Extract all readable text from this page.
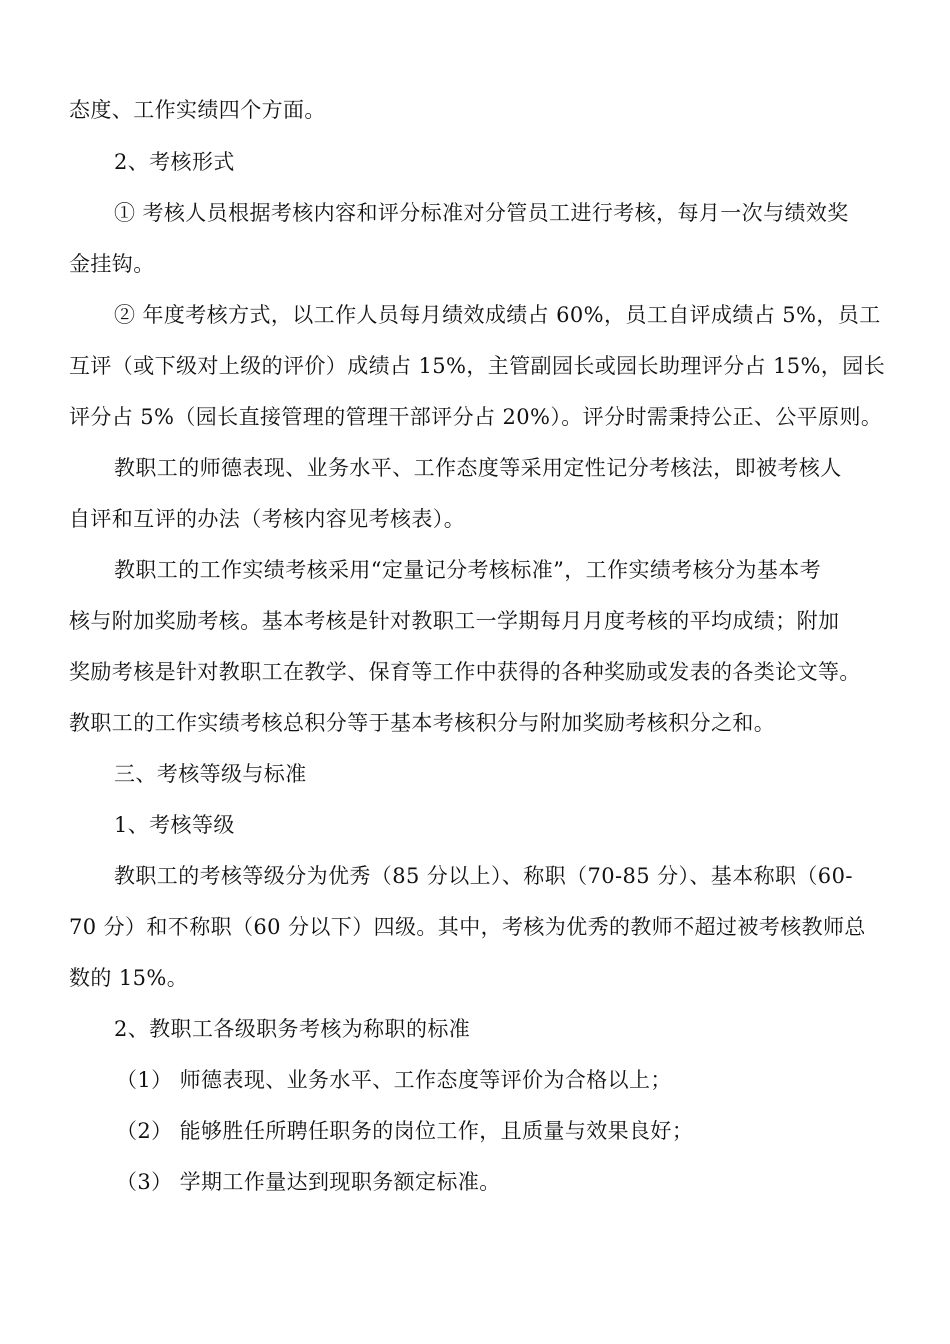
态度、工作实绩四个方面。
2、考核形式
① 考核人员根据考核内容和评分标准对分管员工进行考核，每月一次与绩效奖
金挂钩。
② 年度考核方式，以工作人员每月绩效成绩占 60%，员工自评成绩占 5%，员工
互评（或下级对上级的评价）成绩占 15%，主管副园长或园长助理评分占 15%，园长
评分占 5%（园长直接管理的管理干部评分占 20%）。评分时需秉持公正、公平原则。
教职工的师德表现、业务水平、工作态度等采用定性记分考核法，即被考核人
自评和互评的办法（考核内容见考核表）。
教职工的工作实绩考核采用“定量记分考核标准”，工作实绩考核分为基本考
核与附加奖励考核。基本考核是针对教职工一学期每月月度考核的平均成绩；附加
奖励考核是针对教职工在教学、保育等工作中获得的各种奖励或发表的各类论文等。
教职工的工作实绩考核总积分等于基本考核积分与附加奖励考核积分之和。
三、考核等级与标准
1、考核等级
教职工的考核等级分为优秀（85 分以上）、称职（70-85 分）、基本称职（60-
70 分）和不称职（60 分以下）四级。其中，考核为优秀的教师不超过被考核教师总
数的 15%。
2、教职工各级职务考核为称职的标准
（1） 师德表现、业务水平、工作态度等评价为合格以上；
（2） 能够胜任所聘任职务的岗位工作，且质量与效果良好；
（3） 学期工作量达到现职务额定标准。
